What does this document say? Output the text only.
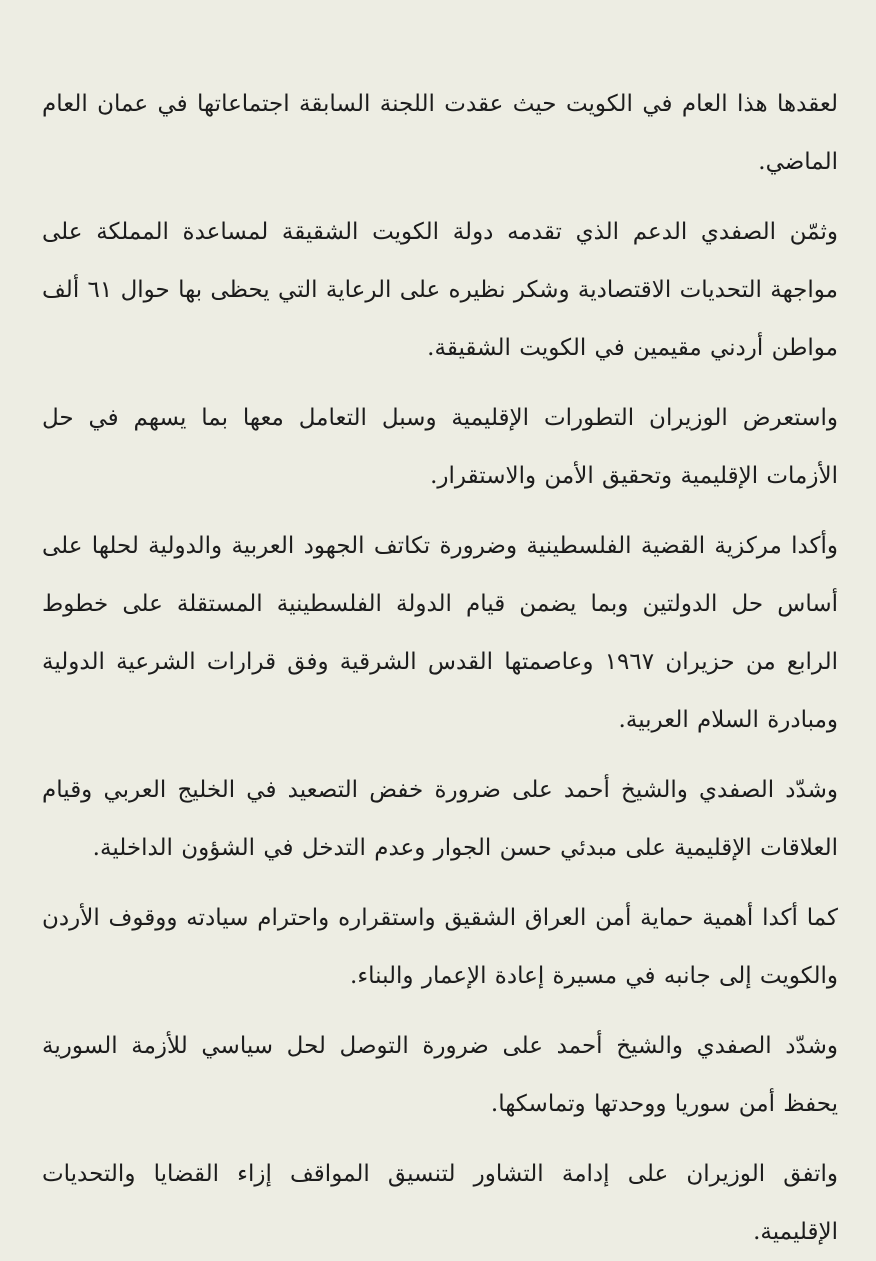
لعقدها هذا العام في الكويت حيث عقدت اللجنة السابقة اجتماعاتها في عمان العام الماضي.

وثمّن الصفدي الدعم الذي تقدمه دولة الكويت الشقيقة لمساعدة المملكة على مواجهة التحديات الاقتصادية وشكر نظيره على الرعاية التي يحظى بها حوال ٦١ ألف مواطن أردني مقيمين في الكويت الشقيقة.

واستعرض الوزيران التطورات الإقليمية وسبل التعامل معها بما يسهم في حل الأزمات الإقليمية وتحقيق الأمن والاستقرار.

وأكدا مركزية القضية الفلسطينية وضرورة تكاتف الجهود العربية والدولية لحلها على أساس حل الدولتين وبما يضمن قيام الدولة الفلسطينية المستقلة على خطوط الرابع من حزيران ١٩٦٧ وعاصمتها القدس الشرقية وفق قرارات الشرعية الدولية ومبادرة السلام العربية.

وشدّد الصفدي والشيخ أحمد على ضرورة خفض التصعيد في الخليج العربي وقيام العلاقات الإقليمية على مبدئي حسن الجوار وعدم التدخل في الشؤون الداخلية.

كما أكدا أهمية حماية أمن العراق الشقيق واستقراره واحترام سيادته ووقوف الأردن والكويت إلى جانبه في مسيرة إعادة الإعمار والبناء.

وشدّد الصفدي والشيخ أحمد على ضرورة التوصل لحل سياسي للأزمة السورية يحفظ أمن سوريا ووحدتها وتماسكها.

واتفق الوزيران على إدامة التشاور لتنسيق المواقف إزاء القضايا والتحديات الإقليمية.
